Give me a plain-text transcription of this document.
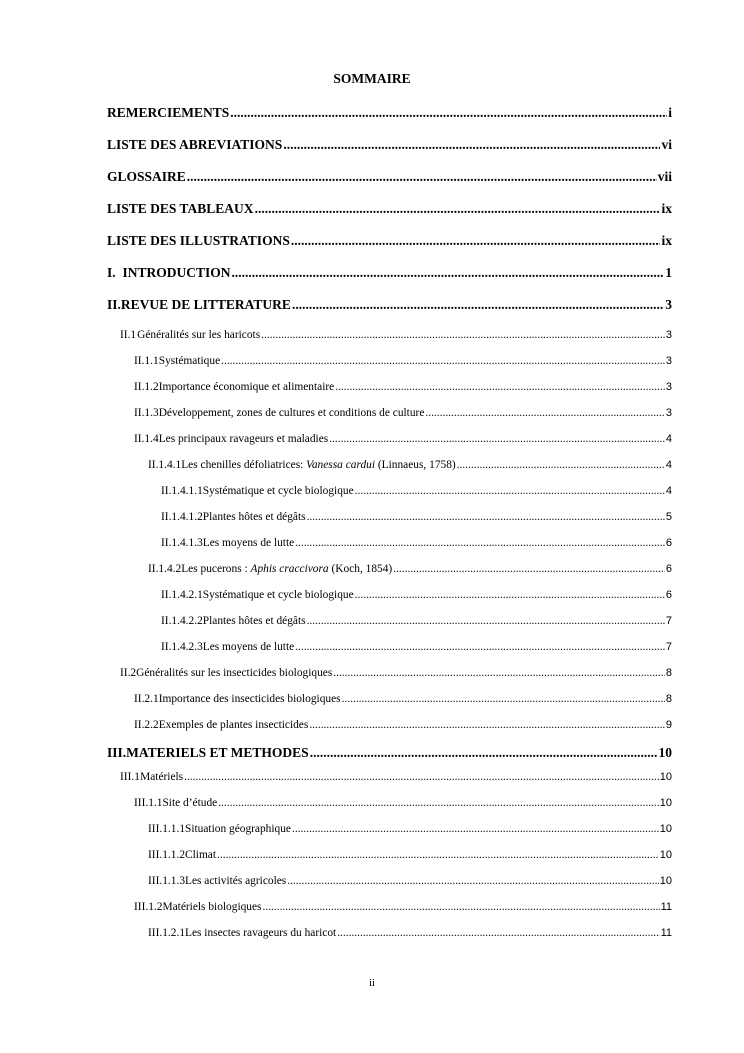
SOMMAIRE
REMERCIEMENTS .....	i
LISTE DES ABREVIATIONS .....	vi
GLOSSAIRE .....	vii
LISTE DES TABLEAUX .....	ix
LISTE DES ILLUSTRATIONS .....	ix
I. INTRODUCTION .....	1
II. REVUE DE LITTERATURE .....	3
II.1 Généralités sur les haricots .....	3
II.1.1 Systématique .....	3
II.1.2 Importance économique et alimentaire .....	3
II.1.3 Développement, zones de cultures et conditions de culture .....	3
II.1.4 Les principaux ravageurs et maladies .....	4
II.1.4.1 Les chenilles défoliatrices: Vanessa cardui (Linnaeus, 1758) .....	4
II.1.4.1.1 Systématique et cycle biologique .....	4
II.1.4.1.2 Plantes hôtes et dégâts .....	5
II.1.4.1.3 Les moyens de lutte .....	6
II.1.4.2 Les pucerons : Aphis craccivora (Koch, 1854) .....	6
II.1.4.2.1 Systématique et cycle biologique .....	6
II.1.4.2.2 Plantes hôtes et dégâts .....	7
II.1.4.2.3 Les moyens de lutte .....	7
II.2 Généralités sur les insecticides biologiques .....	8
II.2.1 Importance des insecticides biologiques .....	8
II.2.2 Exemples de plantes insecticides .....	9
III. MATERIELS ET METHODES .....	10
III.1 Matériels .....	10
III.1.1 Site d’étude .....	10
III.1.1.1 Situation géographique .....	10
III.1.1.2 Climat .....	10
III.1.1.3 Les activités agricoles .....	10
III.1.2 Matériels biologiques .....	11
III.1.2.1 Les insectes ravageurs du haricot .....	11
ii
